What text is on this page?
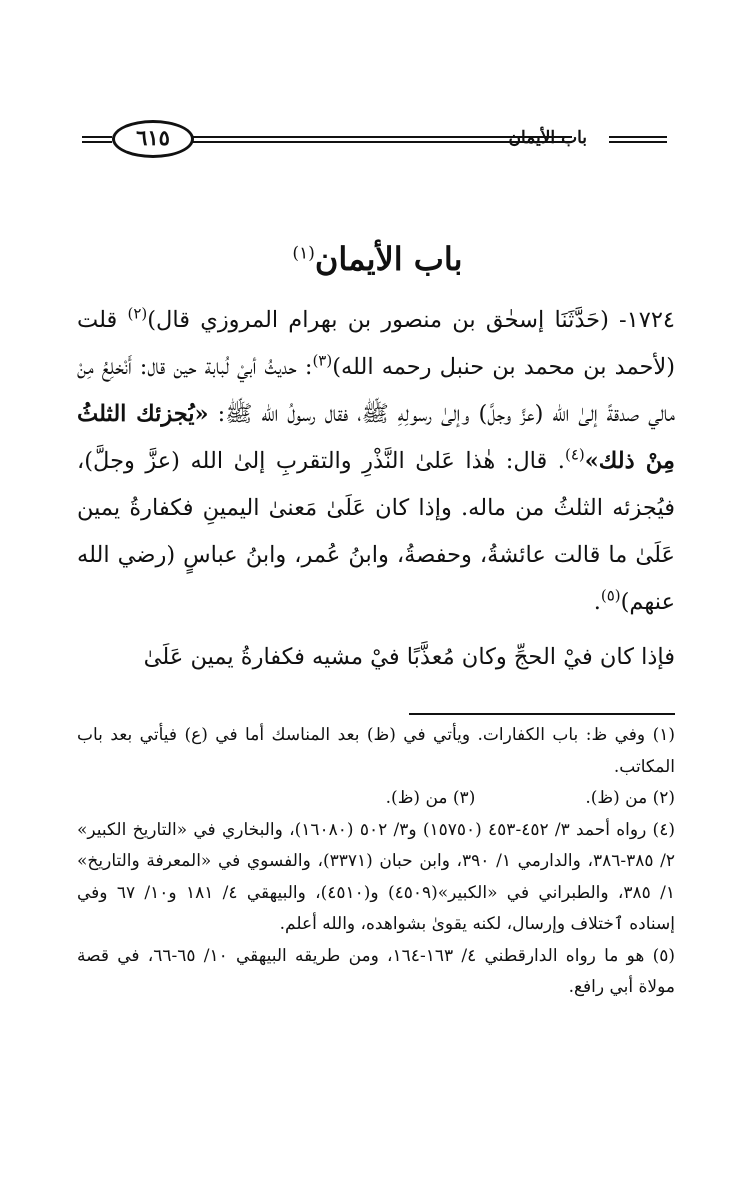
باب الأيمان
٦١٥
باب الأيمان$^{(١)}$

١٧٢٤- (حَدَّثَنَا إسحٰق بن منصور بن بهرام المروزي قال)$^{(٢)}$ قلت (لأحمد بن محمد بن حنبل رحمه الله)$^{(٣)}$: حديثُ أبيْ لُبابة حين قال: أَنْخلِعُ مِنْ مالي صدقةً إلىٰ الله (عزَّ وجلَّ) وإلىٰ رسولِهِ ﷺ، فقال رسولُ الله ﷺ: «يُجزئك الثلثُ مِنْ ذلك»$^{(٤)}$. قال: هٰذا عَلىٰ النَّذْرِ والتقربِ إلىٰ الله (عزَّ وجلَّ)، فيُجزئه الثلثُ من ماله. وإذا كان عَلَىٰ مَعنىٰ اليمينِ فكفارةُ يمين عَلَىٰ ما قالت عائشةُ، وحفصةُ، وابنُ عُمر، وابنُ عباسٍ (رضي الله عنهم)$^{(٥)}$.

فإذا كان فيْ الحجِّ وكان مُعذَّبًا فيْ مشيه فكفارةُ يمين عَلَىٰ

(١) وفي ظ: باب الكفارات. ويأتي في (ظ) بعد المناسك أما في (ع) فيأتي بعد باب المكاتب.

(٢) من (ظ).
(٣) من (ظ).

(٤) رواه أحمد ٣/ ٤٥٢-٤٥٣ (١٥٧٥٠) و٣/ ٥٠٢ (١٦٠٨٠)، والبخاري في «التاريخ الكبير» ٢/ ٣٨٥-٣٨٦، والدارمي ١/ ٣٩٠، وابن حبان (٣٣٧١)، والفسوي في «المعرفة والتاريخ» ١/ ٣٨٥، والطبراني في «الكبير»(٤٥٠٩) و(٤٥١٠)، والبيهقي ٤/ ١٨١ و١٠/ ٦٧ وفي إسناده ٱختلاف وإرسال، لكنه يقوىٰ بشواهده، والله أعلم.

(٥) هو ما رواه الدارقطني ٤/ ١٦٣-١٦٤، ومن طريقه البيهقي ١٠/ ٦٥-٦٦، في قصة مولاة أبي رافع.
